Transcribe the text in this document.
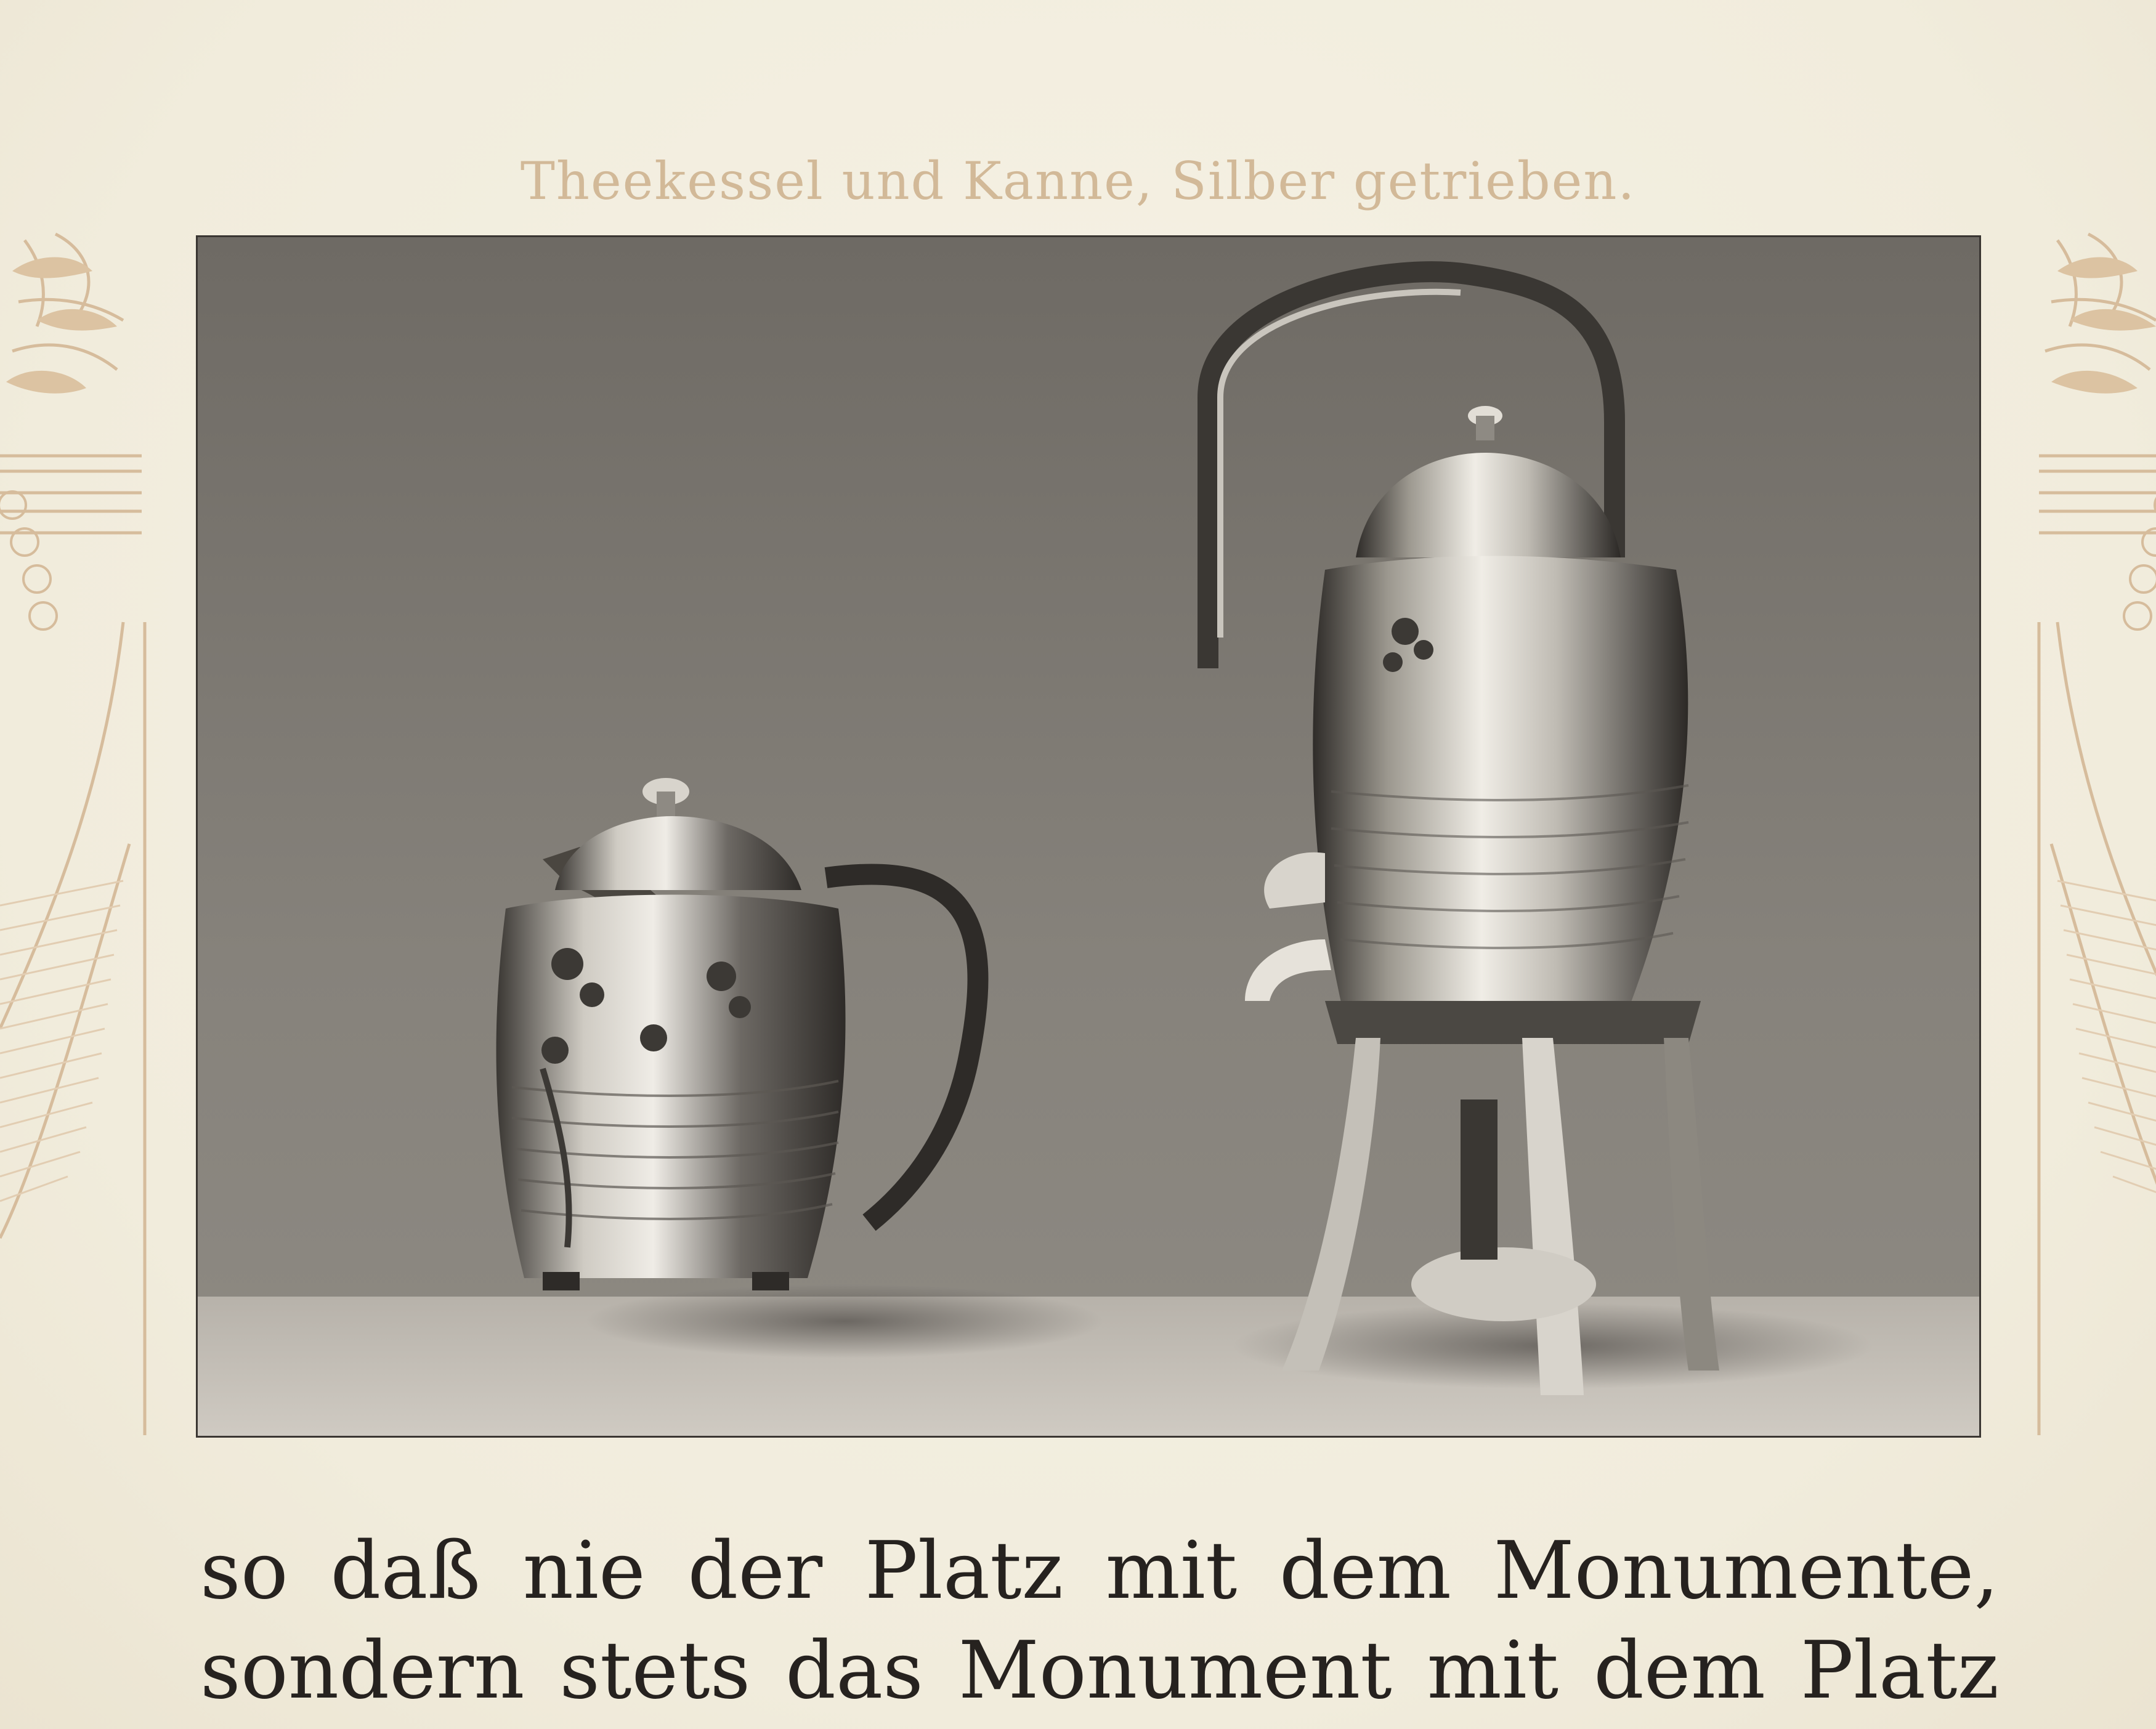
Theekessel und Kanne, Silber getrieben.
so daß nie der Platz mit dem Monumente,
sondern stets das Monument mit dem Platz
